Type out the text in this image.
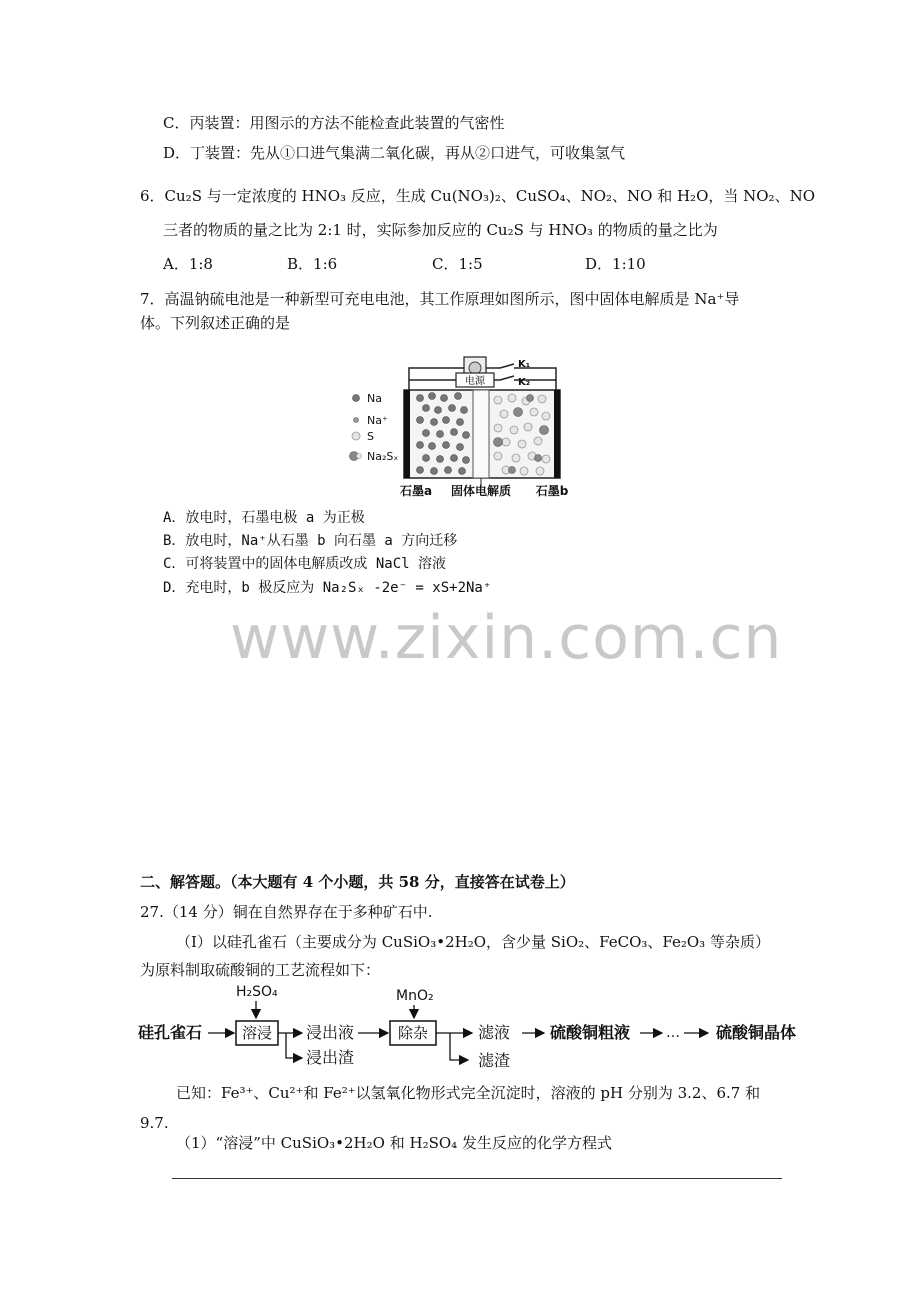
C．丙装置：用图示的方法不能检查此装置的气密性
D．丁装置：先从①口进气集满二氧化碳，再从②口进气，可收集氢气
6．Cu₂S 与一定浓度的 HNO₃ 反应，生成 Cu(NO₃)₂、CuSO₄、NO₂、NO 和 H₂O，当 NO₂、NO
三者的物质的量之比为 2:1 时，实际参加反应的 Cu₂S 与 HNO₃ 的物质的量之比为
A．1:8	B．1:6	C．1:5	D．1:10
7．高温钠硫电池是一种新型可充电电池，其工作原理如图所示，图中固体电解质是 Na⁺导
体。下列叙述正确的是
电源
K₁
K₂
Na
Na⁺
S
Na₂Sₓ
石墨a 固体电解质 石墨b
A．放电时，石墨电极 a 为正极
B．放电时，Na⁺从石墨 b 向石墨 a 方向迁移
C．可将装置中的固体电解质改成 NaCl 溶液
D．充电时，b 极反应为 Na₂Sₓ -2e⁻ = xS+2Na⁺
www.zixin.com.cn
二、解答题。（本大题有 4 个小题，共 58 分，直接答在试卷上）
27.（14 分）铜在自然界存在于多种矿石中.
（Ⅰ）以硅孔雀石（主要成分为 CuSiO₃•2H₂O，含少量 SiO₂、FeCO₃、Fe₂O₃ 等杂质）
为原料制取硫酸铜的工艺流程如下：
H₂SO₄	MnO₂
硅孔雀石	溶浸 浸出液
浸出渣
除杂	滤液
滤渣
硫酸铜粗液	… 硫酸铜晶体
已知：Fe³⁺、Cu²⁺和 Fe²⁺以氢氧化物形式完全沉淀时，溶液的 pH 分别为 3.2、6.7 和
9.7.
（1）“溶浸”中 CuSiO₃•2H₂O 和 H₂SO₄ 发生反应的化学方程式
